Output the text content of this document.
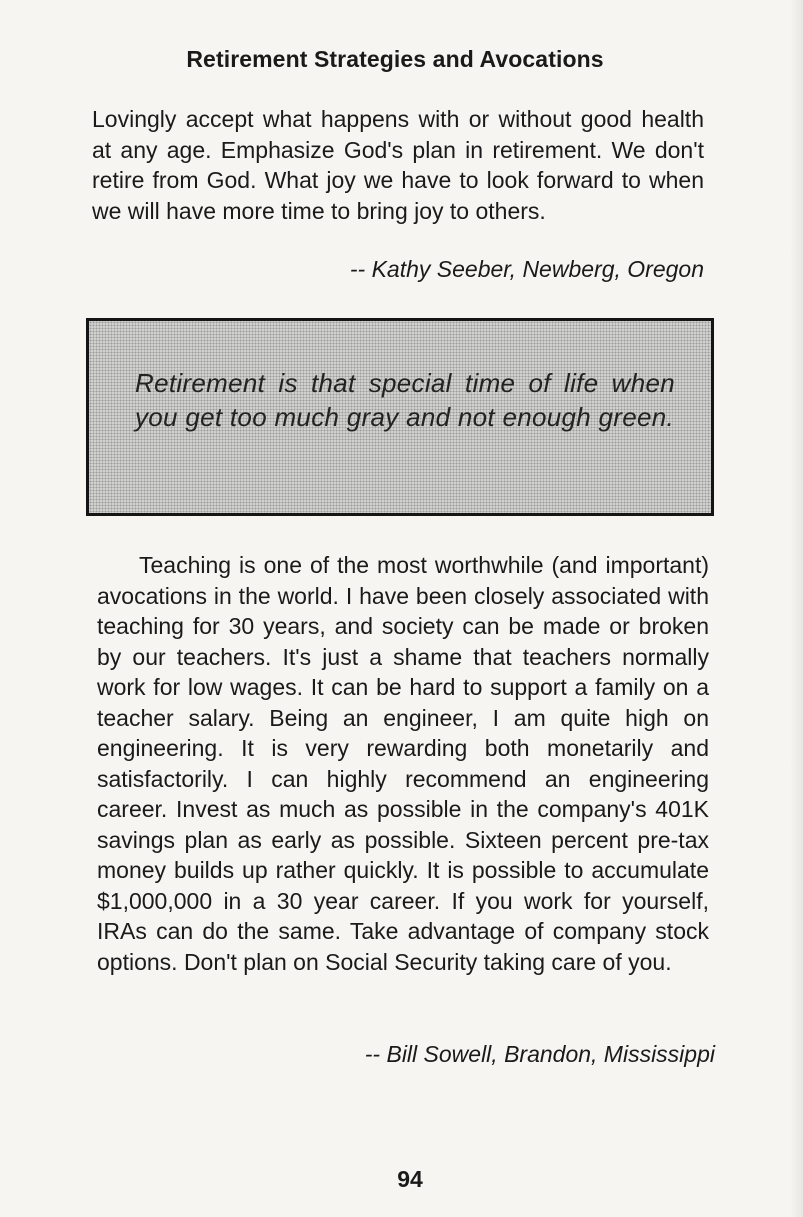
Retirement Strategies and Avocations
Lovingly accept what happens with or without good health at any age. Emphasize God's plan in retirement. We don't retire from God. What joy we have to look forward to when we will have more time to bring joy to others.
-- Kathy Seeber, Newberg, Oregon
Retirement is that special time of life when you get too much gray and not enough green.
Teaching is one of the most worthwhile (and important) avocations in the world. I have been closely associated with teaching for 30 years, and society can be made or broken by our teachers. It's just a shame that teachers normally work for low wages. It can be hard to support a family on a teacher salary. Being an engineer, I am quite high on engineering. It is very rewarding both monetarily and satisfactorily. I can highly recommend an engineering career. Invest as much as possible in the company's 401K savings plan as early as possible. Sixteen percent pre-tax money builds up rather quickly. It is possible to accumulate $1,000,000 in a 30 year career. If you work for yourself, IRAs can do the same. Take advantage of company stock options. Don't plan on Social Security taking care of you.
-- Bill Sowell, Brandon, Mississippi
94
